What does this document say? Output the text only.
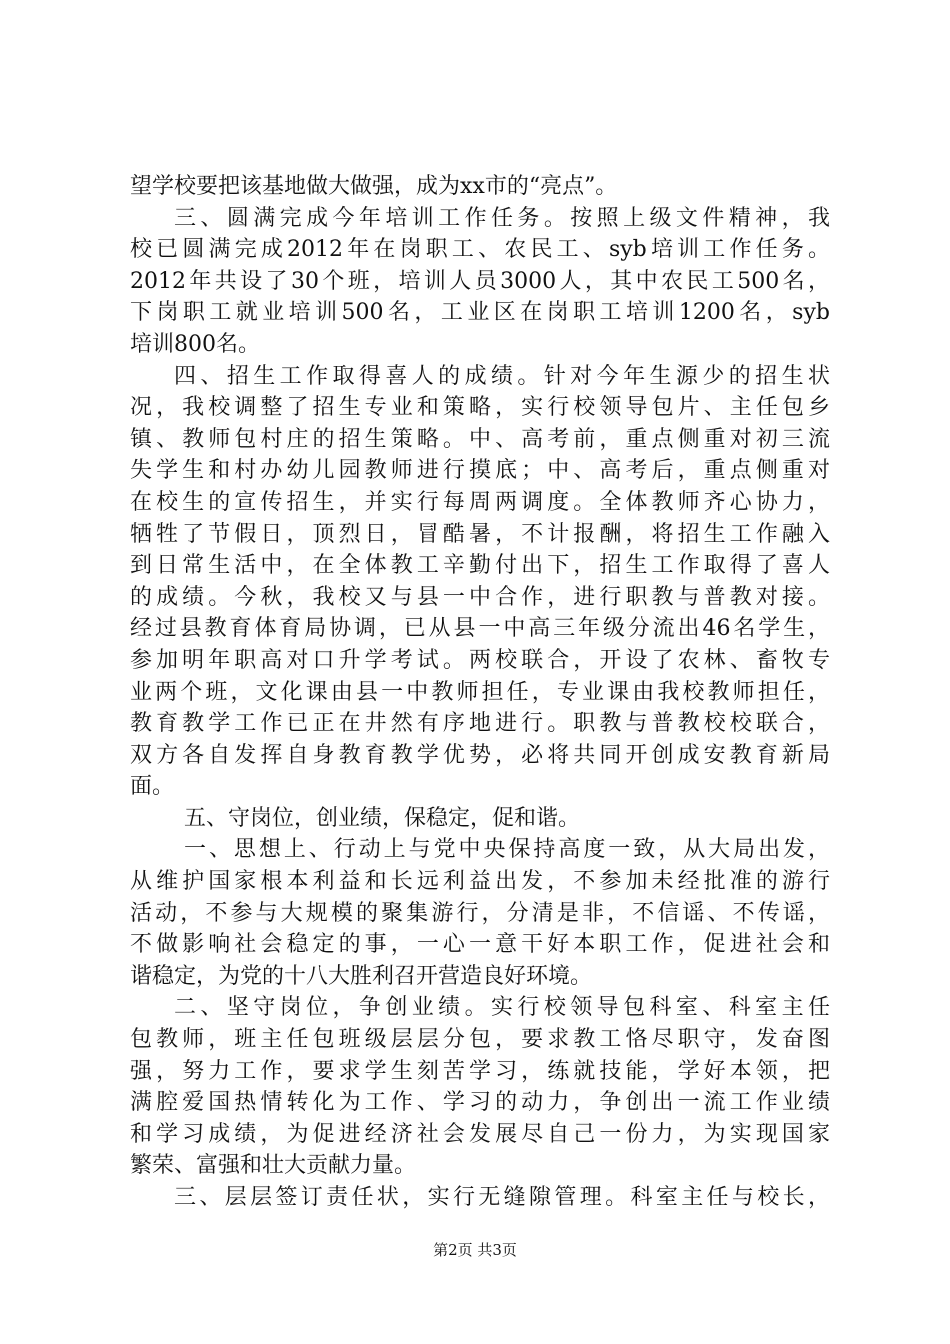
望学校要把该基地做大做强，成为xx市的“亮点”。
三、圆满完成今年培训工作任务。按照上级文件精神，我
校已圆满完成2012年在岗职工、农民工、syb培训工作任务。
2012年共设了30个班，培训人员3000人，其中农民工500名，
下岗职工就业培训500名，工业区在岗职工培训1200名，syb
培训800名。
四、招生工作取得喜人的成绩。针对今年生源少的招生状
况，我校调整了招生专业和策略，实行校领导包片、主任包乡
镇、教师包村庄的招生策略。中、高考前，重点侧重对初三流
失学生和村办幼儿园教师进行摸底；中、高考后，重点侧重对
在校生的宣传招生，并实行每周两调度。全体教师齐心协力，
牺牲了节假日，顶烈日，冒酷暑，不计报酬，将招生工作融入
到日常生活中，在全体教工辛勤付出下，招生工作取得了喜人
的成绩。今秋，我校又与县一中合作，进行职教与普教对接。
经过县教育体育局协调，已从县一中高三年级分流出46名学生，
参加明年职高对口升学考试。两校联合，开设了农林、畜牧专
业两个班，文化课由县一中教师担任，专业课由我校教师担任，
教育教学工作已正在井然有序地进行。职教与普教校校联合，
双方各自发挥自身教育教学优势，必将共同开创成安教育新局
面。
五、守岗位，创业绩，保稳定，促和谐。
一、思想上、行动上与党中央保持高度一致，从大局出发，
从维护国家根本利益和长远利益出发，不参加未经批准的游行
活动，不参与大规模的聚集游行，分清是非，不信谣、不传谣，
不做影响社会稳定的事，一心一意干好本职工作，促进社会和
谐稳定，为党的十八大胜利召开营造良好环境。
二、坚守岗位，争创业绩。实行校领导包科室、科室主任
包教师，班主任包班级层层分包，要求教工恪尽职守，发奋图
强，努力工作，要求学生刻苦学习，练就技能，学好本领，把
满腔爱国热情转化为工作、学习的动力，争创出一流工作业绩
和学习成绩，为促进经济社会发展尽自己一份力，为实现国家
繁荣、富强和壮大贡献力量。
三、层层签订责任状，实行无缝隙管理。科室主任与校长，
第2页 共3页
